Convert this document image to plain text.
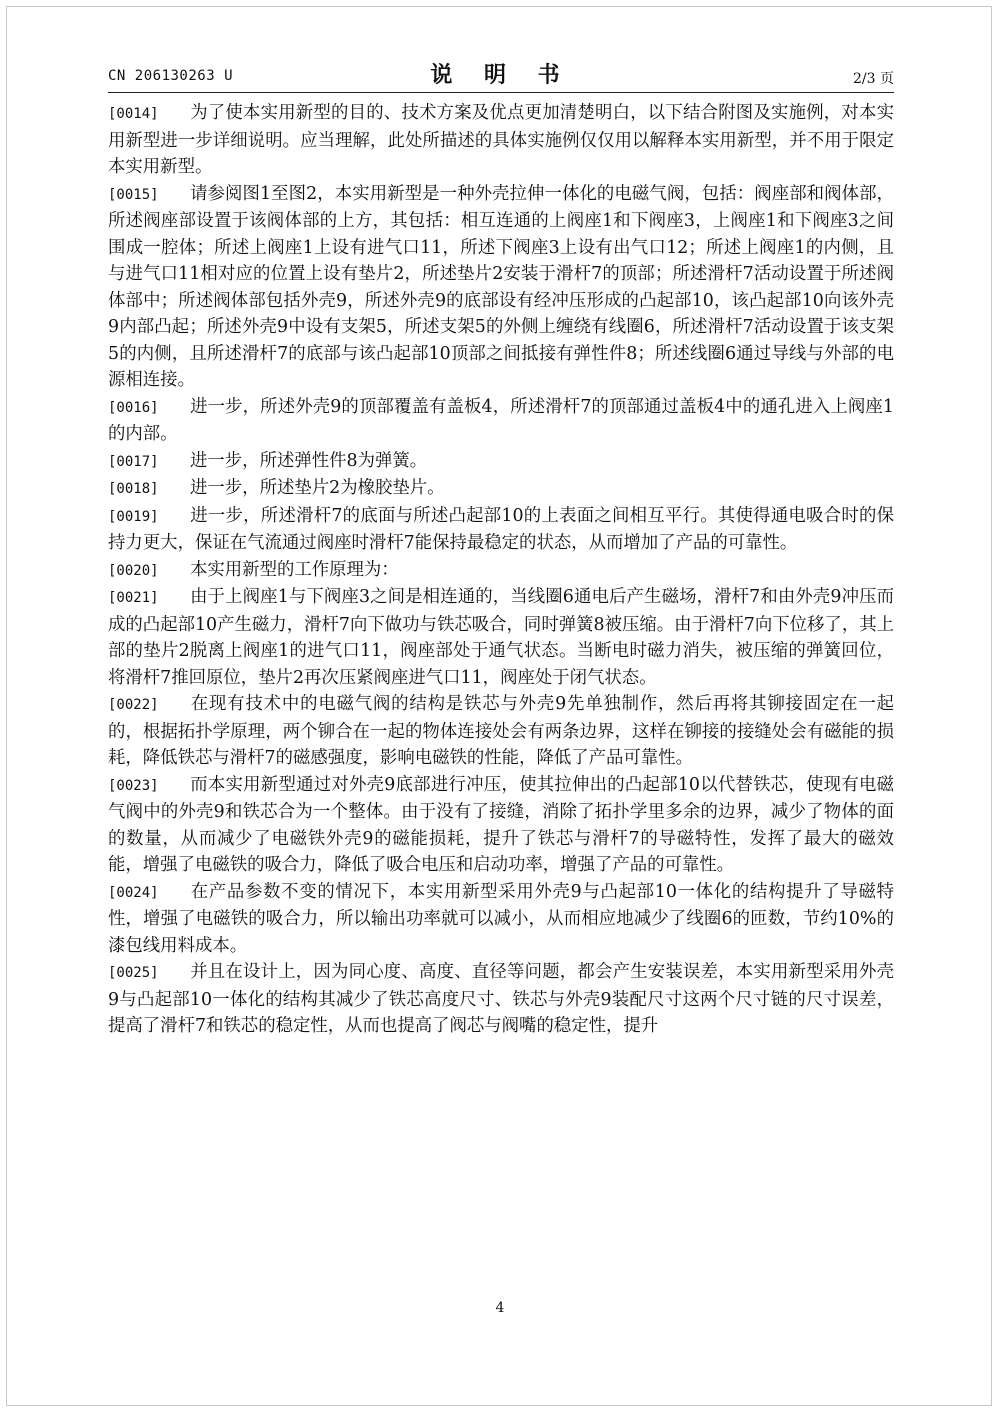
CN 206130263 U	说 明 书	2/3 页

[0014] 为了使本实用新型的目的、技术方案及优点更加清楚明白，以下结合附图及实施例，对本实用新型进一步详细说明。应当理解，此处所描述的具体实施例仅仅用以解释本实用新型，并不用于限定本实用新型。

[0015] 请参阅图1至图2，本实用新型是一种外壳拉伸一体化的电磁气阀，包括：阀座部和阀体部，所述阀座部设置于该阀体部的上方，其包括：相互连通的上阀座1和下阀座3，上阀座1和下阀座3之间围成一腔体；所述上阀座1上设有进气口11，所述下阀座3上设有出气口12；所述上阀座1的内侧，且与进气口11相对应的位置上设有垫片2，所述垫片2安装于滑杆7的顶部；所述滑杆7活动设置于所述阀体部中；所述阀体部包括外壳9，所述外壳9的底部设有经冲压形成的凸起部10，该凸起部10向该外壳9内部凸起；所述外壳9中设有支架5，所述支架5的外侧上缠绕有线圈6，所述滑杆7活动设置于该支架5的内侧，且所述滑杆7的底部与该凸起部10顶部之间抵接有弹性件8；所述线圈6通过导线与外部的电源相连接。

[0016] 进一步，所述外壳9的顶部覆盖有盖板4，所述滑杆7的顶部通过盖板4中的通孔进入上阀座1的内部。

[0017] 进一步，所述弹性件8为弹簧。

[0018] 进一步，所述垫片2为橡胶垫片。

[0019] 进一步，所述滑杆7的底面与所述凸起部10的上表面之间相互平行。其使得通电吸合时的保持力更大，保证在气流通过阀座时滑杆7能保持最稳定的状态，从而增加了产品的可靠性。

[0020] 本实用新型的工作原理为：

[0021] 由于上阀座1与下阀座3之间是相连通的，当线圈6通电后产生磁场，滑杆7和由外壳9冲压而成的凸起部10产生磁力，滑杆7向下做功与铁芯吸合，同时弹簧8被压缩。由于滑杆7向下位移了，其上部的垫片2脱离上阀座1的进气口11，阀座部处于通气状态。当断电时磁力消失，被压缩的弹簧回位，将滑杆7推回原位，垫片2再次压紧阀座进气口11，阀座处于闭气状态。

[0022] 在现有技术中的电磁气阀的结构是铁芯与外壳9先单独制作，然后再将其铆接固定在一起的，根据拓扑学原理，两个铆合在一起的物体连接处会有两条边界，这样在铆接的接缝处会有磁能的损耗，降低铁芯与滑杆7的磁感强度，影响电磁铁的性能，降低了产品可靠性。

[0023] 而本实用新型通过对外壳9底部进行冲压，使其拉伸出的凸起部10以代替铁芯，使现有电磁气阀中的外壳9和铁芯合为一个整体。由于没有了接缝，消除了拓扑学里多余的边界，减少了物体的面的数量，从而减少了电磁铁外壳9的磁能损耗，提升了铁芯与滑杆7的导磁特性，发挥了最大的磁效能，增强了电磁铁的吸合力，降低了吸合电压和启动功率，增强了产品的可靠性。

[0024] 在产品参数不变的情况下，本实用新型采用外壳9与凸起部10一体化的结构提升了导磁特性，增强了电磁铁的吸合力，所以输出功率就可以减小，从而相应地减少了线圈6的匝数，节约10%的漆包线用料成本。

[0025] 并且在设计上，因为同心度、高度、直径等问题，都会产生安装误差，本实用新型采用外壳9与凸起部10一体化的结构其减少了铁芯高度尺寸、铁芯与外壳9装配尺寸这两个尺寸链的尺寸误差，提高了滑杆7和铁芯的稳定性，从而也提高了阀芯与阀嘴的稳定性，提升

4
